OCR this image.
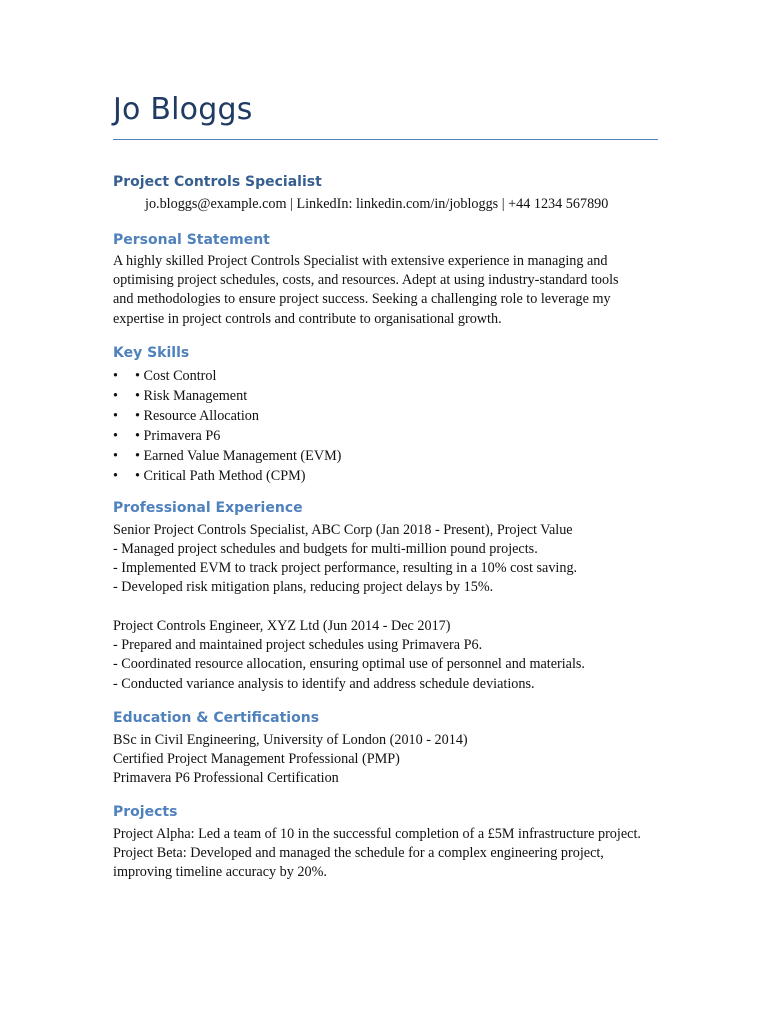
Jo Bloggs
Project Controls Specialist
jo.bloggs@example.com | LinkedIn: linkedin.com/in/jobloggs | +44 1234 567890
Personal Statement

A highly skilled Project Controls Specialist with extensive experience in managing and

optimising project schedules, costs, and resources. Adept at using industry-standard tools

and methodologies to ensure project success. Seeking a challenging role to leverage my

expertise in project controls and contribute to organisational growth.

Key Skills
• • Cost Control
• • Risk Management
• • Resource Allocation
• • Primavera P6
• • Earned Value Management (EVM)
• • Critical Path Method (CPM)
Professional Experience

Senior Project Controls Specialist, ABC Corp (Jan 2018 - Present), Project Value

- Managed project schedules and budgets for multi-million pound projects.

- Implemented EVM to track project performance, resulting in a 10% cost saving.

- Developed risk mitigation plans, reducing project delays by 15%.

Project Controls Engineer, XYZ Ltd (Jun 2014 - Dec 2017)

- Prepared and maintained project schedules using Primavera P6.

- Coordinated resource allocation, ensuring optimal use of personnel and materials.

- Conducted variance analysis to identify and address schedule deviations.

Education & Certifications

BSc in Civil Engineering, University of London (2010 - 2014)

Certified Project Management Professional (PMP)

Primavera P6 Professional Certification

Projects

Project Alpha: Led a team of 10 in the successful completion of a £5M infrastructure project.

Project Beta: Developed and managed the schedule for a complex engineering project,

improving timeline accuracy by 20%.
